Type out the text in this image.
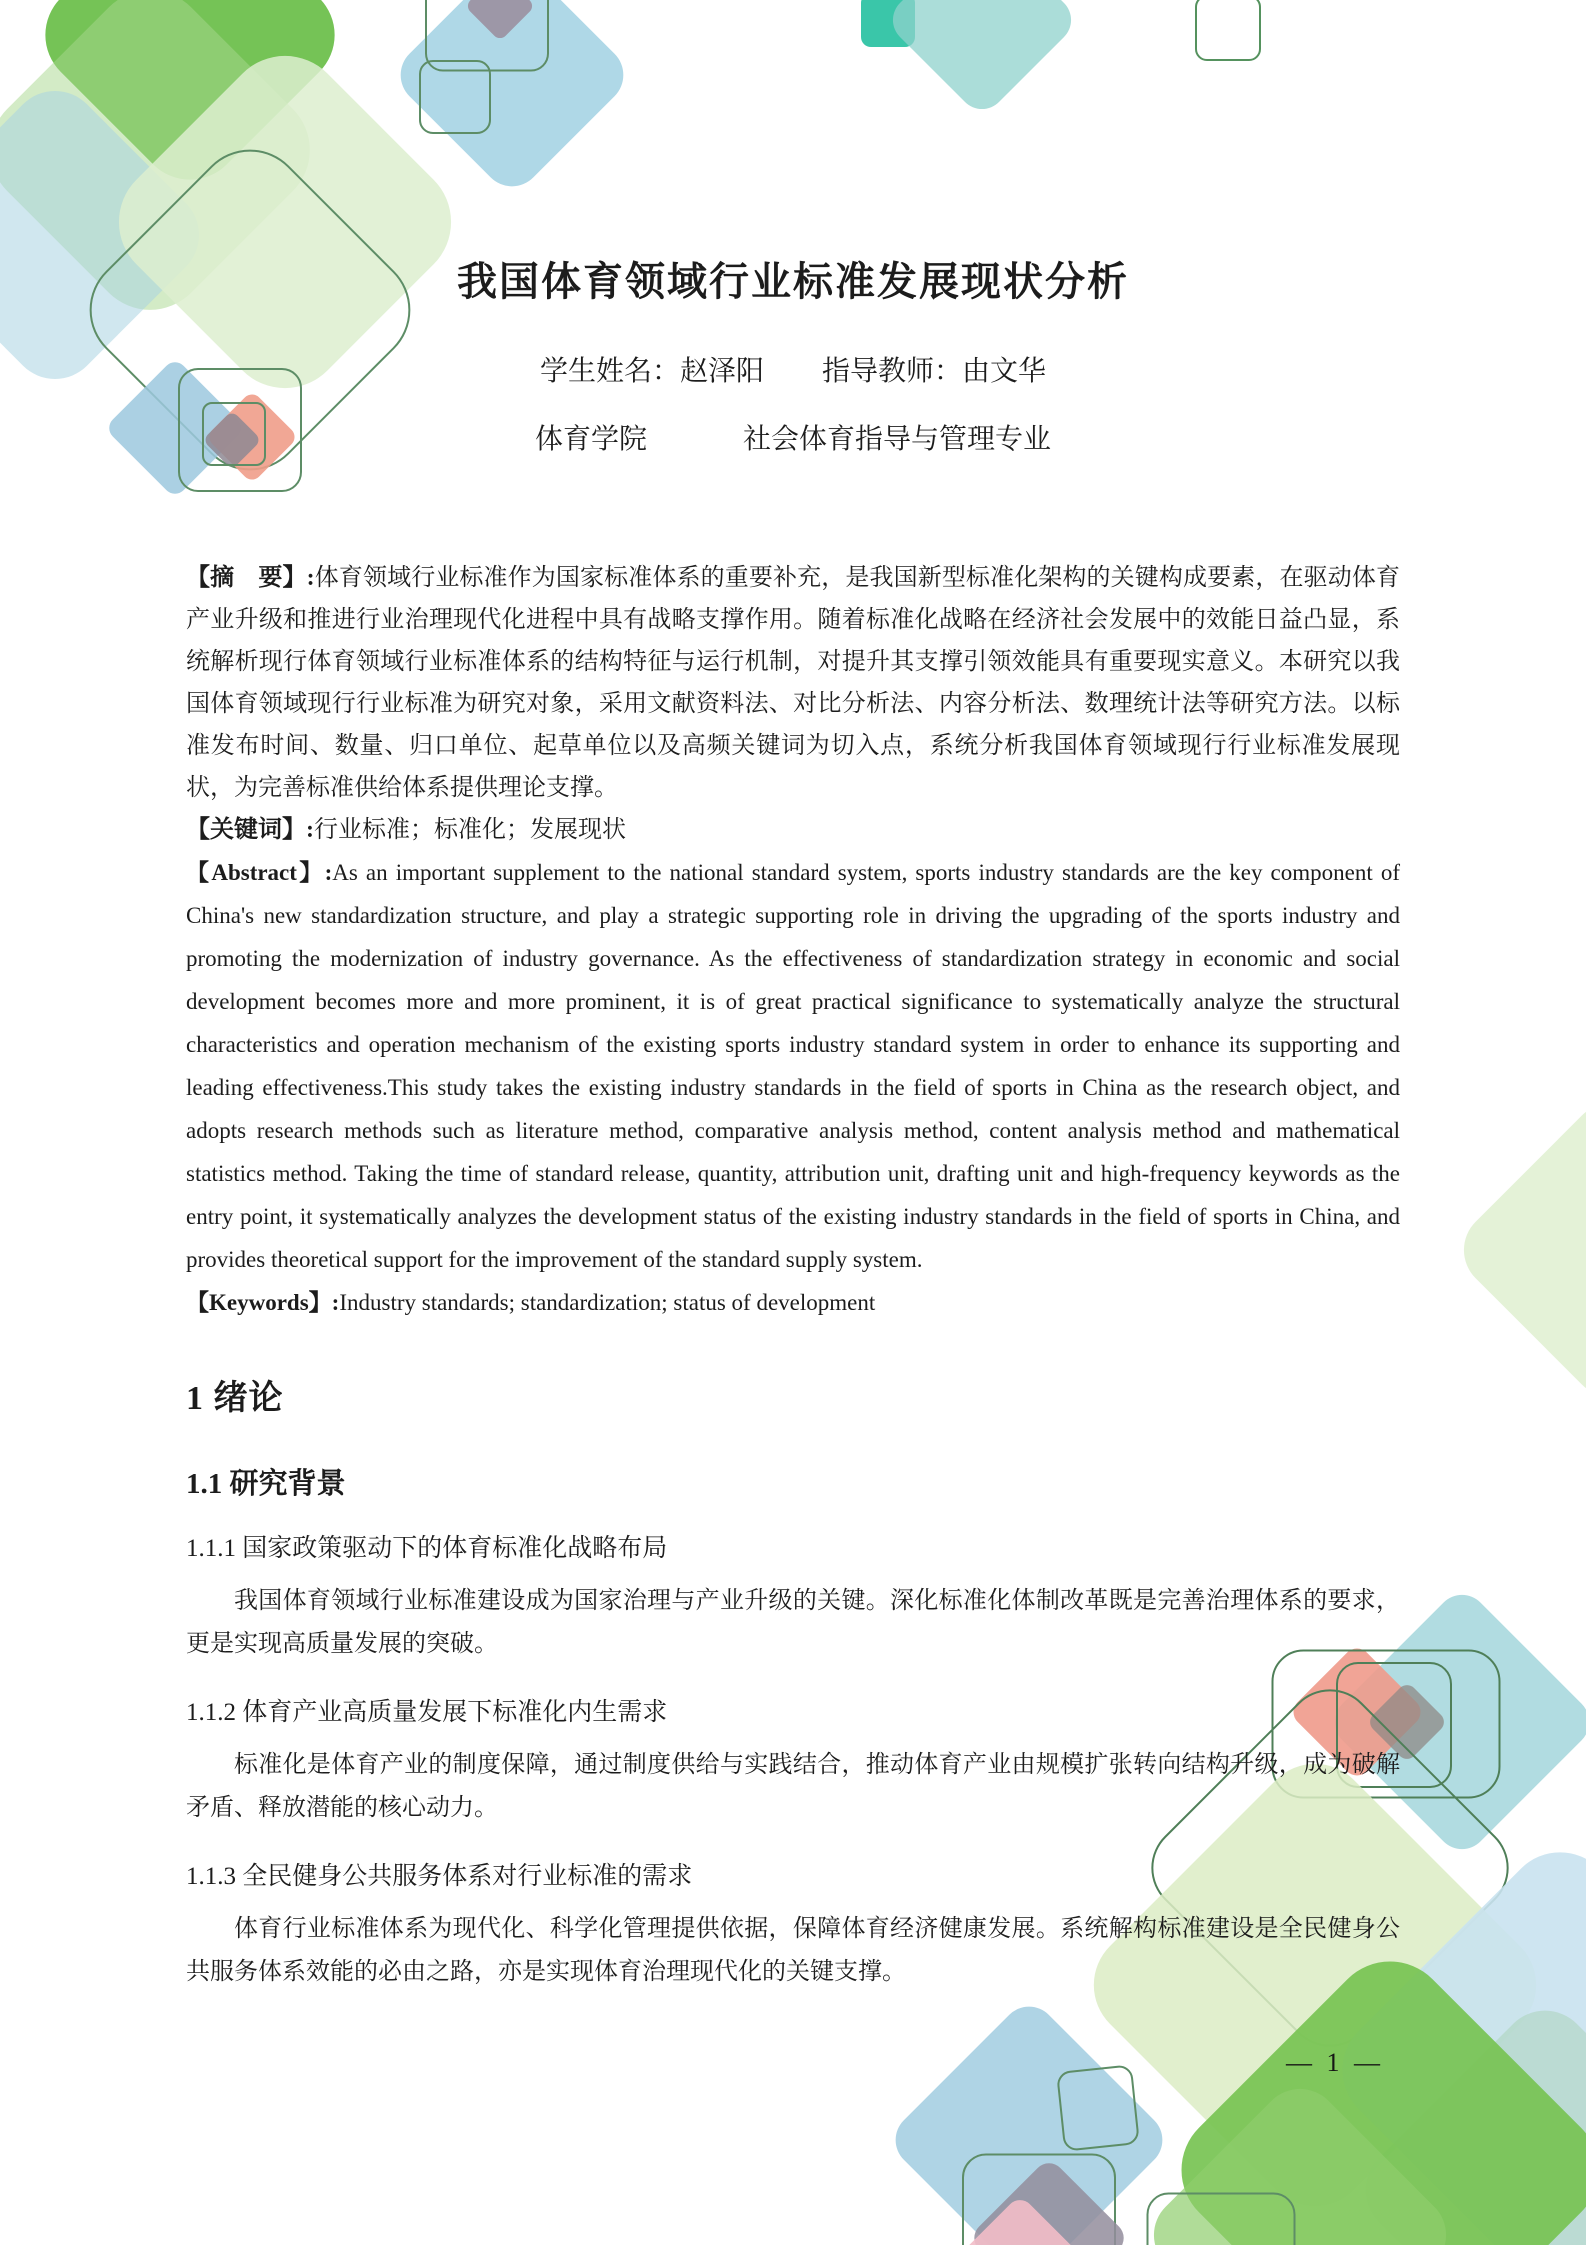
我国体育领域行业标准发展现状分析
学生姓名：赵泽阳 指导教师：由文华
体育学院	社会体育指导与管理专业

【摘　要】:体育领域行业标准作为国家标准体系的重要补充，是我国新型标准化架构的关键构成要素，在驱动体育产业升级和推进行业治理现代化进程中具有战略支撑作用。随着标准化战略在经济社会发展中的效能日益凸显，系统解析现行体育领域行业标准体系的结构特征与运行机制，对提升其支撑引领效能具有重要现实意义。本研究以我国体育领域现行行业标准为研究对象，采用文献资料法、对比分析法、内容分析法、数理统计法等研究方法。以标准发布时间、数量、归口单位、起草单位以及高频关键词为切入点，系统分析我国体育领域现行行业标准发展现状，为完善标准供给体系提供理论支撑。

【关键词】:行业标准；标准化；发展现状

【Abstract】:As an important supplement to the national standard system, sports industry standards are the key component of China's new standardization structure, and play a strategic supporting role in driving the upgrading of the sports industry and promoting the modernization of industry governance. As the effectiveness of standardization strategy in economic and social development becomes more and more prominent, it is of great practical significance to systematically analyze the structural characteristics and operation mechanism of the existing sports industry standard system in order to enhance its supporting and leading effectiveness.This study takes the existing industry standards in the field of sports in China as the research object, and adopts research methods such as literature method, comparative analysis method, content analysis method and mathematical statistics method. Taking the time of standard release, quantity, attribution unit, drafting unit and high-frequency keywords as the entry point, it systematically analyzes the development status of the existing industry standards in the field of sports in China, and provides theoretical support for the improvement of the standard supply system.

【Keywords】:Industry standards; standardization; status of development

1 绪论
1.1 研究背景
1.1.1 国家政策驱动下的体育标准化战略布局

我国体育领域行业标准建设成为国家治理与产业升级的关键。深化标准化体制改革既是完善治理体系的要求，更是实现高质量发展的突破。

1.1.2 体育产业高质量发展下标准化内生需求

标准化是体育产业的制度保障，通过制度供给与实践结合，推动体育产业由规模扩张转向结构升级，成为破解矛盾、释放潜能的核心动力。

1.1.3 全民健身公共服务体系对行业标准的需求

体育行业标准体系为现代化、科学化管理提供依据，保障体育经济健康发展。系统解构标准建设是全民健身公共服务体系效能的必由之路，亦是实现体育治理现代化的关键支撑。

— 1 —
